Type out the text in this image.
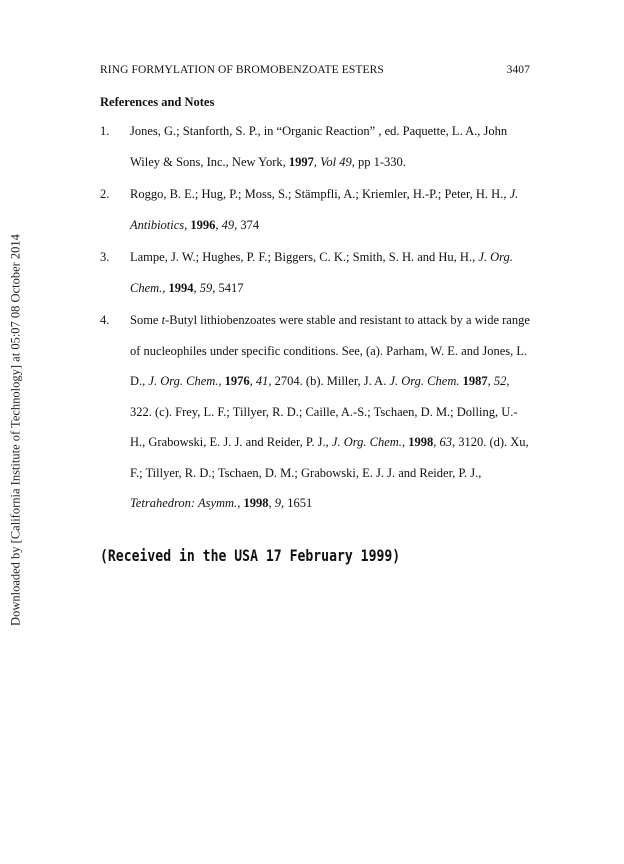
Downloaded by [California Institute of Technology] at 05:07 08 October 2014
RING FORMYLATION OF BROMOBENZOATE ESTERS	3407
References and Notes
1.	Jones, G.; Stanforth, S. P., in “Organic Reaction” , ed. Paquette, L. A., John Wiley & Sons, Inc., New York, 1997, Vol 49, pp 1-330.
2.	Roggo, B. E.; Hug, P.; Moss, S.; Stämpfli, A.; Kriemler, H.-P.; Peter, H. H., J. Antibiotics, 1996, 49, 374
3.	Lampe, J. W.; Hughes, P. F.; Biggers, C. K.; Smith, S. H. and Hu, H., J. Org. Chem., 1994, 59, 5417
4.	Some t-Butyl lithiobenzoates were stable and resistant to attack by a wide range of nucleophiles under specific conditions. See, (a). Parham, W. E. and Jones, L. D., J. Org. Chem., 1976, 41, 2704. (b). Miller, J. A. J. Org. Chem. 1987, 52, 322. (c). Frey, L. F.; Tillyer, R. D.; Caille, A.-S.; Tschaen, D. M.; Dolling, U.-H., Grabowski, E. J. J. and Reider, P. J., J. Org. Chem., 1998, 63, 3120. (d). Xu, F.; Tillyer, R. D.; Tschaen, D. M.; Grabowski, E. J. J. and Reider, P. J., Tetrahedron: Asymm., 1998, 9, 1651
(Received in the USA 17 February 1999)
